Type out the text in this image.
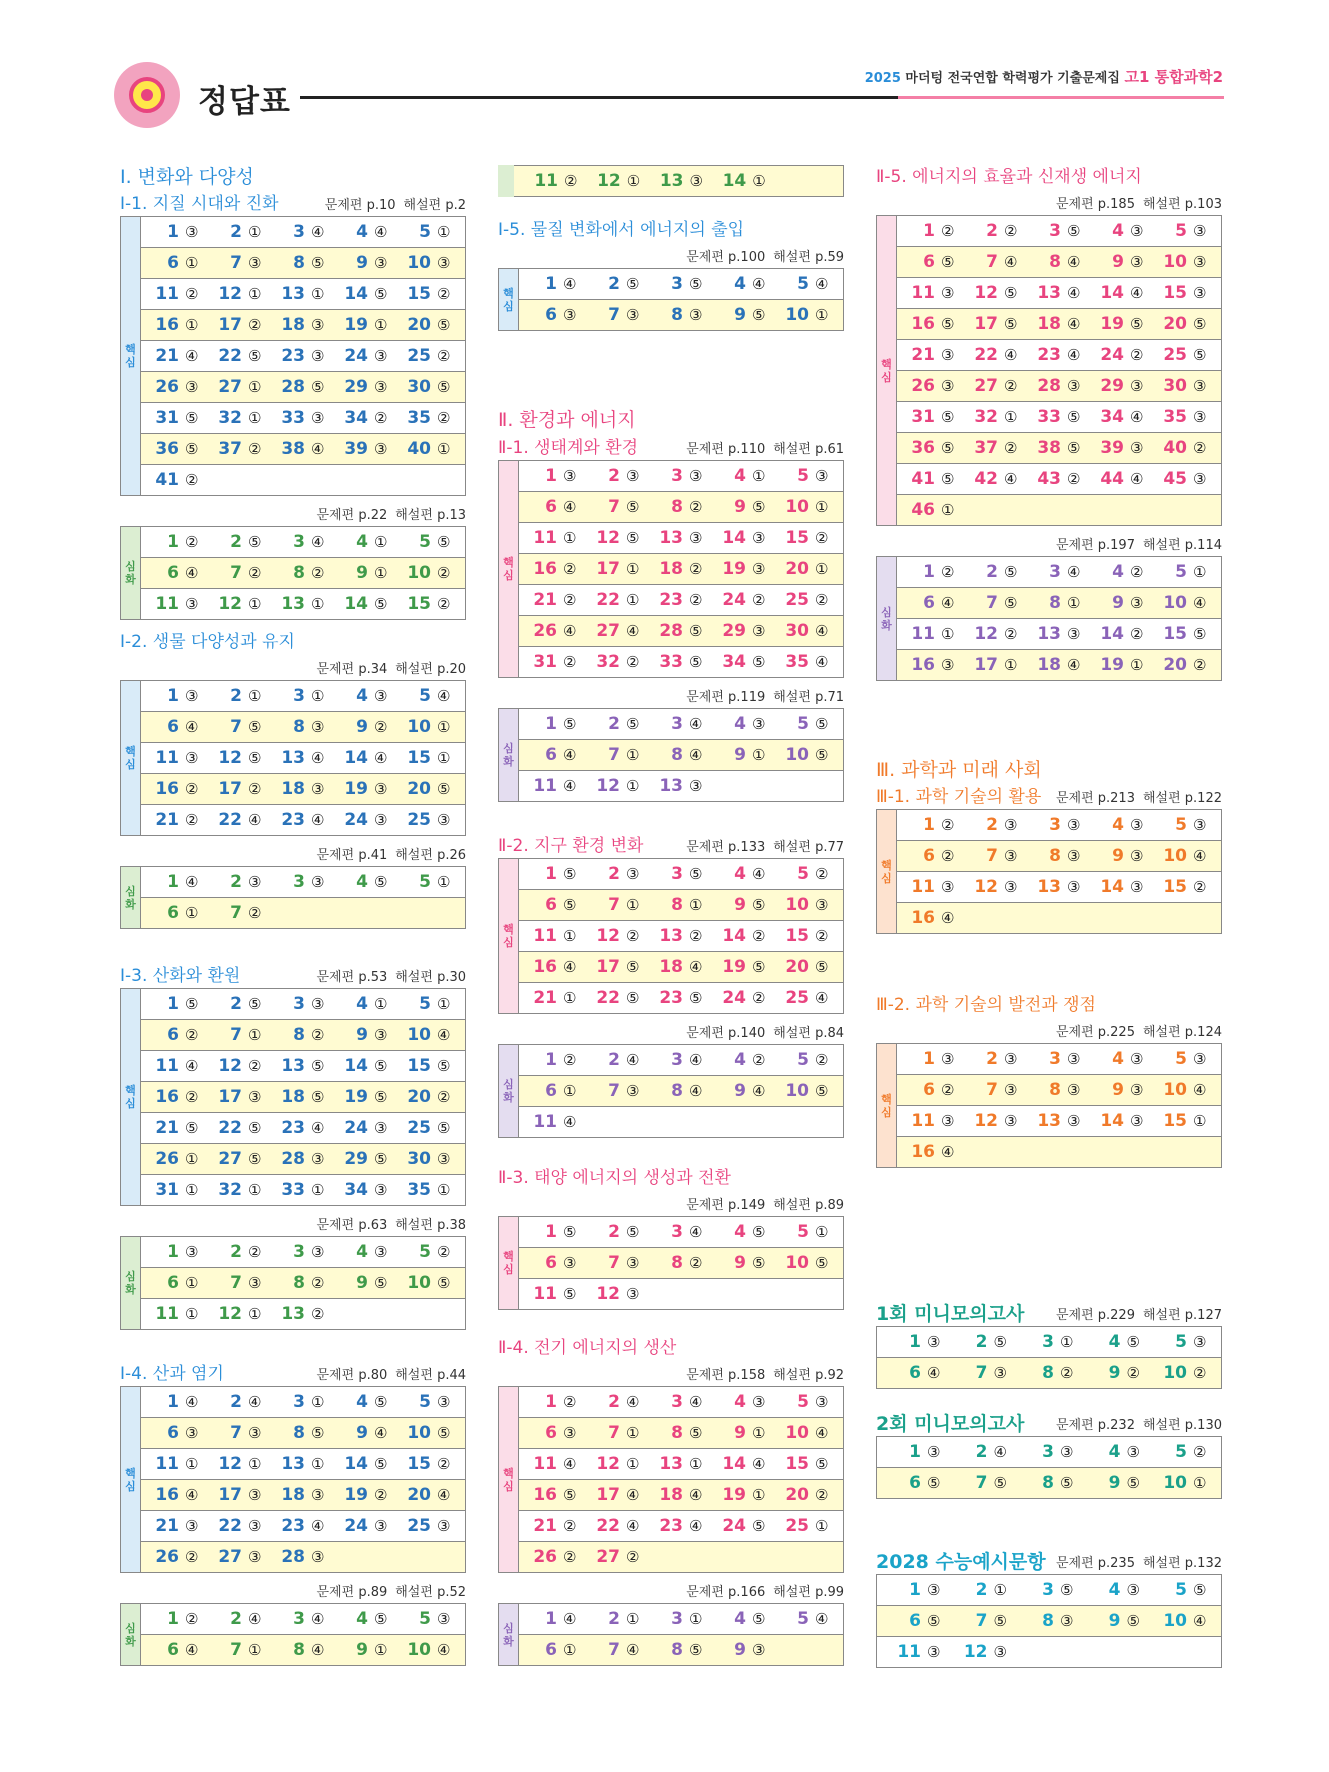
정답표
2025 마더텅 전국연합 학력평가 기출문제집 고1 통합과학2
Ⅰ. 변화와 다양성
Ⅱ. 환경과 에너지
Ⅲ. 과학과 미래 사회
Ⅰ-1. 지질 시대와 진화	문제편 p.10 해설편 p.2
핵
심	
1 ③	2 ①	3 ④	4 ④	5 ①

6 ①	7 ③	8 ⑤	9 ③ 10 ③

11 ② 12 ① 13 ① 14 ⑤ 15 ②

16 ① 17 ② 18 ③ 19 ① 20 ⑤

21 ④ 22 ⑤ 23 ③ 24 ③ 25 ②

26 ③ 27 ① 28 ⑤ 29 ③ 30 ⑤

31 ⑤ 32 ① 33 ③ 34 ② 35 ②

36 ⑤ 37 ② 38 ④ 39 ③ 40 ①

41 ②
문제편 p.22 해설편 p.13
심
화	
1 ②	2 ⑤	3 ④	4 ①	5 ⑤

6 ④	7 ②	8 ②	9 ① 10 ②

11 ③ 12 ① 13 ① 14 ⑤ 15 ②
Ⅰ-2. 생물 다양성과 유지
문제편 p.34 해설편 p.20
핵
심	
1 ③	2 ①	3 ①	4 ③	5 ④

6 ④	7 ⑤	8 ③	9 ② 10 ①

11 ③ 12 ⑤ 13 ④ 14 ④ 15 ①

16 ② 17 ② 18 ③ 19 ③ 20 ⑤

21 ② 22 ④ 23 ④ 24 ③ 25 ③
문제편 p.41 해설편 p.26
심
화	
1 ④	2 ③	3 ③	4 ⑤	5 ①

6 ①	7 ②
Ⅰ-3. 산화와 환원	문제편 p.53 해설편 p.30
핵
심	
1 ⑤	2 ⑤	3 ③	4 ①	5 ①

6 ②	7 ①	8 ②	9 ③ 10 ④

11 ④ 12 ② 13 ⑤ 14 ⑤ 15 ⑤

16 ② 17 ③ 18 ⑤ 19 ⑤ 20 ②

21 ⑤ 22 ⑤ 23 ④ 24 ③ 25 ⑤

26 ① 27 ⑤ 28 ③ 29 ⑤ 30 ③

31 ① 32 ① 33 ① 34 ③ 35 ①
문제편 p.63 해설편 p.38
심
화	
1 ③	2 ②	3 ③	4 ③	5 ②

6 ①	7 ③	8 ②	9 ⑤ 10 ⑤

11 ① 12 ① 13 ②
Ⅰ-4. 산과 염기	문제편 p.80 해설편 p.44
핵
심	
1 ④	2 ④	3 ①	4 ⑤	5 ③

6 ③	7 ③	8 ⑤	9 ④ 10 ⑤

11 ① 12 ① 13 ① 14 ⑤ 15 ②

16 ④ 17 ③ 18 ③ 19 ② 20 ④

21 ③ 22 ③ 23 ④ 24 ③ 25 ③

26 ② 27 ③ 28 ③
문제편 p.89 해설편 p.52
심
화	
1 ②	2 ④	3 ④	4 ⑤	5 ③

6 ④	7 ①	8 ④	9 ① 10 ④
11 ② 12 ① 13 ③ 14 ①
Ⅰ-5. 물질 변화에서 에너지의 출입
문제편 p.100 해설편 p.59
핵
심	
1 ④	2 ⑤	3 ⑤	4 ④	5 ④

6 ③	7 ③	8 ③	9 ⑤ 10 ①
Ⅱ-1. 생태계와 환경	문제편 p.110 해설편 p.61
핵
심	
1 ③	2 ③	3 ③	4 ①	5 ③

6 ④	7 ⑤	8 ②	9 ⑤ 10 ①

11 ① 12 ⑤ 13 ③ 14 ③ 15 ②

16 ② 17 ① 18 ② 19 ③ 20 ①

21 ② 22 ① 23 ② 24 ② 25 ②

26 ④ 27 ④ 28 ⑤ 29 ③ 30 ④

31 ② 32 ② 33 ⑤ 34 ⑤ 35 ④
문제편 p.119 해설편 p.71
심
화	
1 ⑤	2 ⑤	3 ④	4 ③	5 ⑤

6 ④	7 ①	8 ④	9 ① 10 ⑤

11 ④ 12 ① 13 ③
Ⅱ-2. 지구 환경 변화	문제편 p.133 해설편 p.77
핵
심	
1 ⑤	2 ③	3 ⑤	4 ④	5 ②

6 ⑤	7 ①	8 ①	9 ⑤ 10 ③

11 ① 12 ② 13 ② 14 ② 15 ②

16 ④ 17 ⑤ 18 ④ 19 ⑤ 20 ⑤

21 ① 22 ⑤ 23 ⑤ 24 ② 25 ④
문제편 p.140 해설편 p.84
심
화	
1 ②	2 ④	3 ④	4 ②	5 ②

6 ①	7 ③	8 ④	9 ④ 10 ⑤

11 ④
Ⅱ-3. 태양 에너지의 생성과 전환
문제편 p.149 해설편 p.89
핵
심	
1 ⑤	2 ⑤	3 ④	4 ⑤	5 ①

6 ③	7 ③	8 ②	9 ⑤ 10 ⑤

11 ⑤ 12 ③
Ⅱ-4. 전기 에너지의 생산
문제편 p.158 해설편 p.92
핵
심	
1 ②	2 ④	3 ④	4 ③	5 ③

6 ③	7 ①	8 ⑤	9 ① 10 ④

11 ④ 12 ① 13 ① 14 ④ 15 ⑤

16 ⑤ 17 ④ 18 ④ 19 ① 20 ②

21 ② 22 ④ 23 ④ 24 ⑤ 25 ①

26 ② 27 ②
문제편 p.166 해설편 p.99
심
화	
1 ④	2 ①	3 ①	4 ⑤	5 ④

6 ①	7 ④	8 ⑤	9 ③
Ⅱ-5. 에너지의 효율과 신재생 에너지
문제편 p.185 해설편 p.103
핵
심	
1 ②	2 ②	3 ⑤	4 ③	5 ③

6 ⑤	7 ④	8 ④	9 ③ 10 ③

11 ③ 12 ⑤ 13 ④ 14 ④ 15 ③

16 ⑤ 17 ⑤ 18 ④ 19 ⑤ 20 ⑤

21 ③ 22 ④ 23 ④ 24 ② 25 ⑤

26 ③ 27 ② 28 ③ 29 ③ 30 ③

31 ⑤ 32 ① 33 ⑤ 34 ④ 35 ③

36 ⑤ 37 ② 38 ⑤ 39 ③ 40 ②

41 ⑤ 42 ④ 43 ② 44 ④ 45 ③

46 ①
문제편 p.197 해설편 p.114
심
화	
1 ②	2 ⑤	3 ④	4 ②	5 ①

6 ④	7 ⑤	8 ①	9 ③ 10 ④

11 ① 12 ② 13 ③ 14 ② 15 ⑤

16 ③ 17 ① 18 ④ 19 ① 20 ②
Ⅲ-1. 과학 기술의 활용 문제편 p.213 해설편 p.122
핵
심	
1 ②	2 ③	3 ③	4 ③	5 ③

6 ②	7 ③	8 ③	9 ③ 10 ④

11 ③ 12 ③ 13 ③ 14 ③ 15 ②

16 ④
Ⅲ-2. 과학 기술의 발전과 쟁점
문제편 p.225 해설편 p.124
핵
심	
1 ③	2 ③	3 ③	4 ③	5 ③

6 ②	7 ③	8 ③	9 ③ 10 ④

11 ③ 12 ③ 13 ③ 14 ③ 15 ①

16 ④
1회 미니모의고사 문제편 p.229 해설편 p.127
1 ③	2 ⑤	3 ①	4 ⑤	5 ③

6 ④	7 ③	8 ②	9 ② 10 ②
2회 미니모의고사 문제편 p.232 해설편 p.130
1 ③	2 ④	3 ③	4 ③	5 ②

6 ⑤	7 ⑤	8 ⑤	9 ⑤ 10 ①
2028 수능예시문항 문제편 p.235 해설편 p.132
1 ③	2 ①	3 ⑤	4 ③	5 ⑤

6 ⑤	7 ⑤	8 ③	9 ⑤ 10 ④

11 ③ 12 ③
